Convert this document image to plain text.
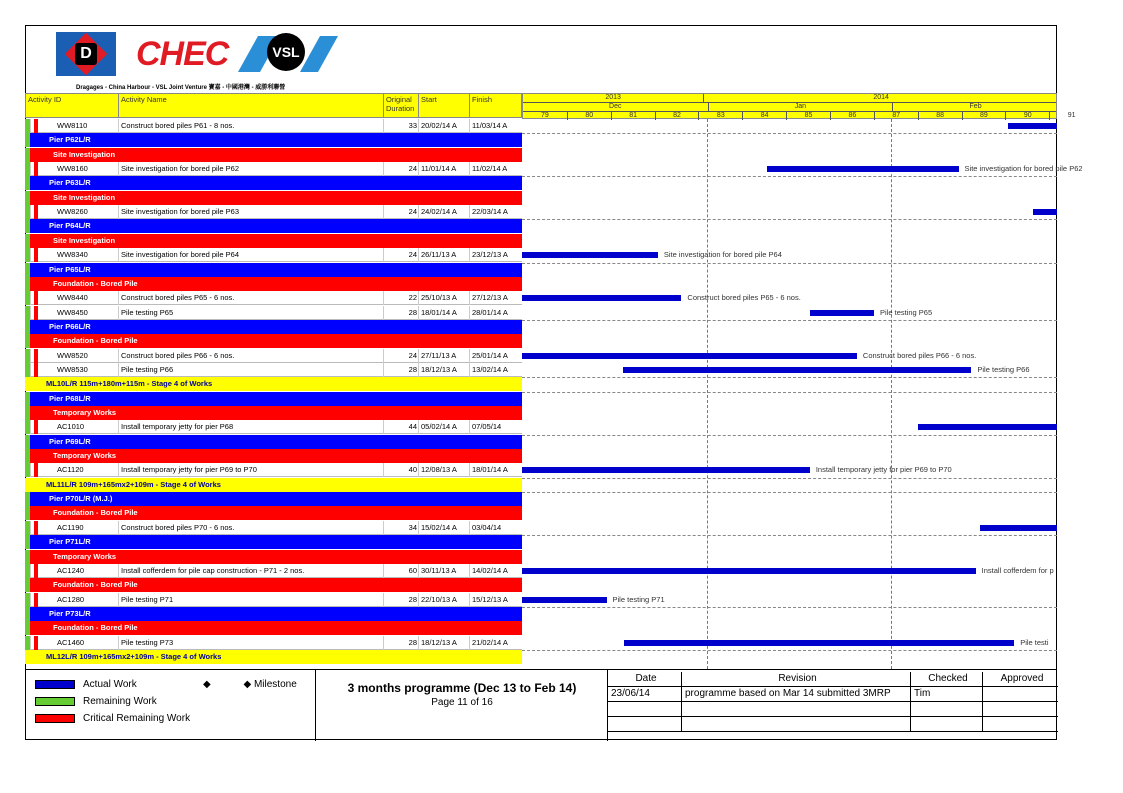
D CHEC	VSL
Dragages - China Harbour - VSL Joint Venture 寶嘉 - 中國港灣 - 威勝利聯營
Activity ID	Activity Name	Original Duration
Start	Finish	2013	2014
Dec	Jan	Feb
79	80	81	82	83	84	85	86	87	88	89	90	91
WW8110	Construct bored piles P61 - 8 nos.	33 20/02/14 A	11/03/14 A
Pier P62L/R
Site Investigation
WW8160	Site investigation for bored pile P62	24 11/01/14 A	11/02/14 A
Pier P63L/R
Site Investigation
WW8260	Site investigation for bored pile P63	24 24/02/14 A	22/03/14 A
Pier P64L/R
Site Investigation
WW8340	Site investigation for bored pile P64	24 26/11/13 A	23/12/13 A
Pier P65L/R
Foundation - Bored Pile
WW8440	Construct bored piles P65 - 6 nos.	22 25/10/13 A	27/12/13 A
WW8450	Pile testing P65	28 18/01/14 A	28/01/14 A
Pier P66L/R
Foundation - Bored Pile
WW8520	Construct bored piles P66 - 6 nos.	24 27/11/13 A	25/01/14 A
WW8530	Pile testing P66	28 18/12/13 A	13/02/14 A
ML10L/R 115m+180m+115m - Stage 4 of Works
Pier P68L/R
Temporary Works
AC1010	Install temporary jetty for pier P68	44 05/02/14 A	07/05/14
Pier P69L/R
Temporary Works
AC1120	Install temporary jetty for pier P69 to P70	40 12/08/13 A	18/01/14 A
ML11L/R 109m+165mx2+109m - Stage 4 of Works
Pier P70L/R (M.J.)
Foundation - Bored Pile
AC1190	Construct bored piles P70 - 6 nos.	34 15/02/14 A	03/04/14
Pier P71L/R
Temporary Works
AC1240	Install cofferdem for pile cap construction - P71 - 2 nos.	60 30/11/13 A	14/02/14 A
Foundation - Bored Pile
AC1280	Pile testing P71	28 22/10/13 A	15/12/13 A
Pier P73L/R
Foundation - Bored Pile
AC1460	Pile testing P73	28 18/12/13 A	21/02/14 A
ML12L/R 109m+165mx2+109m - Stage 4 of Works
Site investigation for bored pile P62
Site investigation for bored pile P64
Construct bored piles P65 - 6 nos.
Pile testing P65
Construct bored piles P66 - 6 nos.
Pile testing P66
Install temporary jetty for pier P69 to P70
Install cofferdem for p
Pile testing P71
Pile testi
Actual Work
Remaining Work
Critical Remaining Work
◆	◆ Milestone	3 months programme (Dec 13 to Feb 14)
Page 11 of 16
Date	Revision	Checked	Approved
23/06/14	programme based on Mar 14 submitted 3MRP	Tim
